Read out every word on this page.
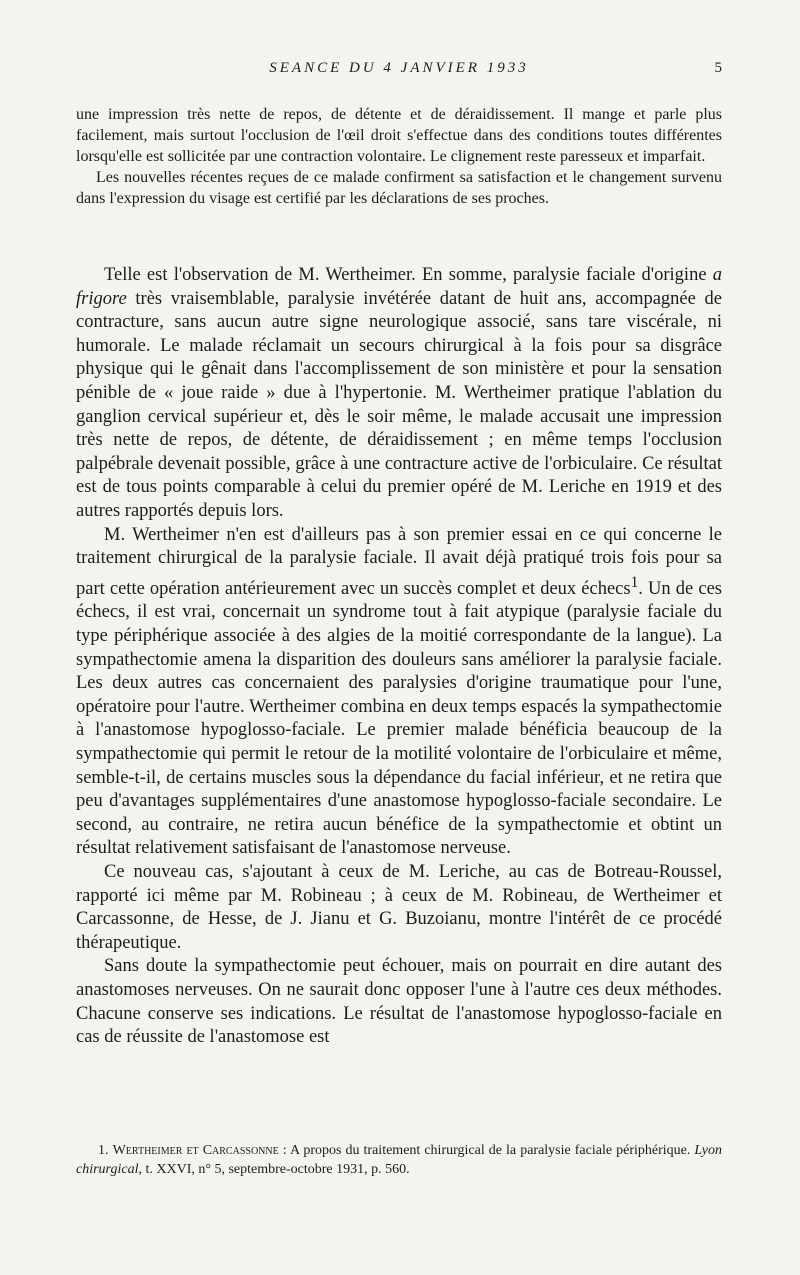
SEANCE DU 4 JANVIER 1933	5

une impression très nette de repos, de détente et de déraidissement. Il mange et parle plus facilement, mais surtout l'occlusion de l'œil droit s'effectue dans des conditions toutes différentes lorsqu'elle est sollicitée par une contraction volontaire. Le clignement reste paresseux et imparfait.

Les nouvelles récentes reçues de ce malade confirment sa satisfaction et le changement survenu dans l'expression du visage est certifié par les déclarations de ses proches.

Telle est l'observation de M. Wertheimer. En somme, paralysie faciale d'origine a frigore très vraisemblable, paralysie invétérée datant de huit ans, accompagnée de contracture, sans aucun autre signe neurologique associé, sans tare viscérale, ni humorale. Le malade réclamait un secours chirurgical à la fois pour sa disgrâce physique qui le gênait dans l'accomplissement de son ministère et pour la sensation pénible de « joue raide » due à l'hypertonie. M. Wertheimer pratique l'ablation du ganglion cervical supérieur et, dès le soir même, le malade accusait une impression très nette de repos, de détente, de déraidissement ; en même temps l'occlusion palpébrale devenait possible, grâce à une contracture active de l'orbiculaire. Ce résultat est de tous points comparable à celui du premier opéré de M. Leriche en 1919 et des autres rapportés depuis lors.

M. Wertheimer n'en est d'ailleurs pas à son premier essai en ce qui concerne le traitement chirurgical de la paralysie faciale. Il avait déjà pratiqué trois fois pour sa part cette opération antérieurement avec un succès complet et deux échecs$^1$. Un de ces échecs, il est vrai, concernait un syndrome tout à fait atypique (paralysie faciale du type périphérique associée à des algies de la moitié correspondante de la langue). La sympathectomie amena la disparition des douleurs sans améliorer la paralysie faciale. Les deux autres cas concernaient des paralysies d'origine traumatique pour l'une, opératoire pour l'autre. Wertheimer combina en deux temps espacés la sympathectomie à l'anastomose hypoglosso-faciale. Le premier malade bénéficia beaucoup de la sympathectomie qui permit le retour de la motilité volontaire de l'orbiculaire et même, semble-t-il, de certains muscles sous la dépendance du facial inférieur, et ne retira que peu d'avantages supplémentaires d'une anastomose hypoglosso-faciale secondaire. Le second, au contraire, ne retira aucun bénéfice de la sympathectomie et obtint un résultat relativement satisfaisant de l'anastomose nerveuse.

Ce nouveau cas, s'ajoutant à ceux de M. Leriche, au cas de Botreau-Roussel, rapporté ici même par M. Robineau ; à ceux de M. Robineau, de Wertheimer et Carcassonne, de Hesse, de J. Jianu et G. Buzoianu, montre l'intérêt de ce procédé thérapeutique.

Sans doute la sympathectomie peut échouer, mais on pourrait en dire autant des anastomoses nerveuses. On ne saurait donc opposer l'une à l'autre ces deux méthodes. Chacune conserve ses indications. Le résultat de l'anastomose hypoglosso-faciale en cas de réussite de l'anastomose est

1. Wertheimer et Carcassonne : A propos du traitement chirurgical de la paralysie faciale périphérique. Lyon chirurgical, t. XXVI, n° 5, septembre-octobre 1931, p. 560.
